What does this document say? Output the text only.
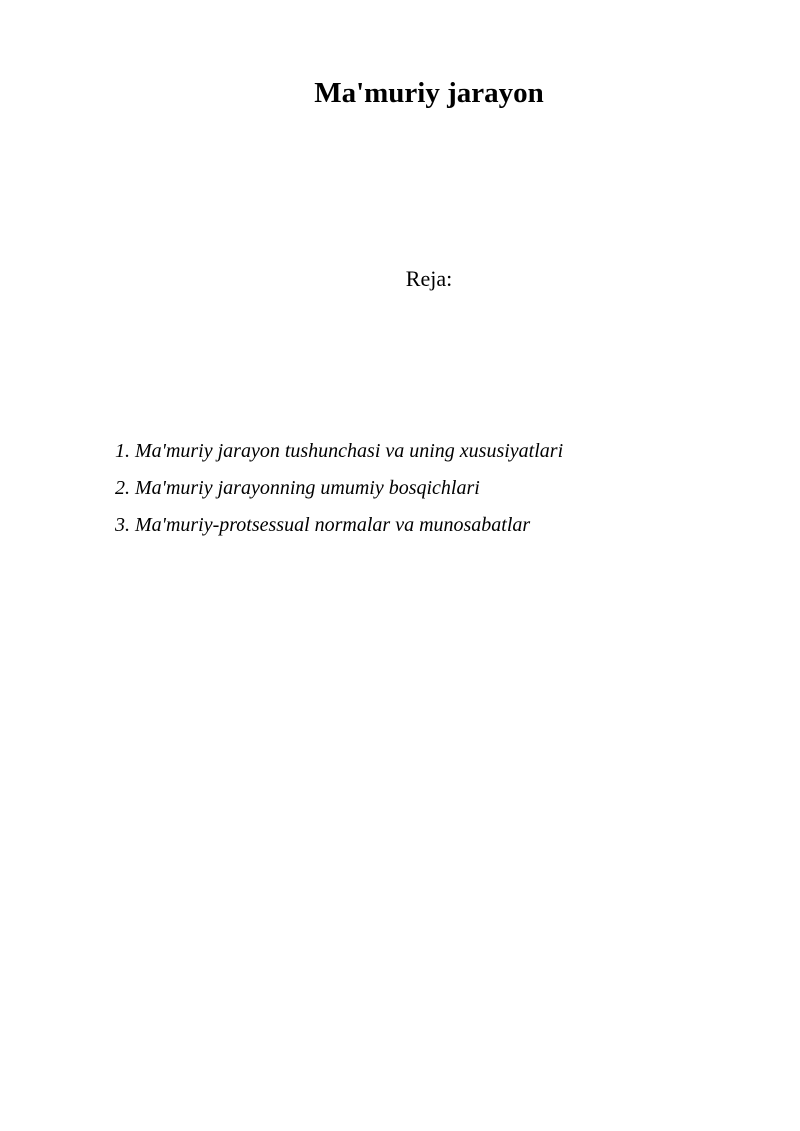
Ma'muriy jarayon

Reja:

1. Ma'muriy jarayon tushunchasi va uning xususiyatlari
2. Ma'muriy jarayonning umumiy bosqichlari
3. Ma'muriy-protsessual normalar va munosabatlar
